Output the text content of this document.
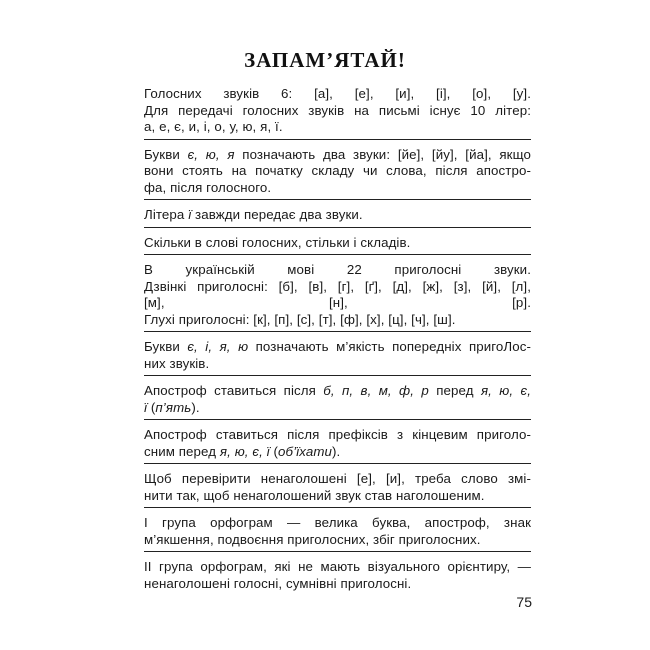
ЗАПАМ’ЯТАЙ!
Голосних звуків 6: [а], [е], [и], [і], [о], [у].
Для передачі голосних звуків на письмі існує 10 літер:
а, е, є, и, і, о, у, ю, я, ї.
Букви є, ю, я позначають два звуки: [йе], [йу], [йа], якщо
вони стоять на початку складу чи слова, після апостро-
фа, після голосного.
Літера ї завжди передає два звуки.
Скільки в слові голосних, стільки і складів.
В українській мові 22 приголосні звуки.
Дзвінкі приголосні: [б], [в], [г], [ґ], [д], [ж], [з], [й], [л],
[м], [н], [р].
Глухі приголосні: [к], [п], [с], [т], [ф], [х], [ц], [ч], [ш].
Букви є, і, я, ю позначають м’якість попередніх пригоЛос-
них звуків.
Апостроф ставиться після б, п, в, м, ф, р перед я, ю, є,
ї (п’ять).
Апостроф ставиться після префіксів з кінцевим приголо-
сним перед я, ю, є, ї (об’їхати).
Щоб перевірити ненаголошені [е], [и], треба слово змі-
нити так, щоб ненаголошений звук став наголошеним.
І група орфограм — велика буква, апостроф, знак
м’якшення, подвоєння приголосних, збіг приголосних.
ІІ група орфограм, які не мають візуального орієнтиру, —
ненаголошені голосні, сумнівні приголосні.
75
